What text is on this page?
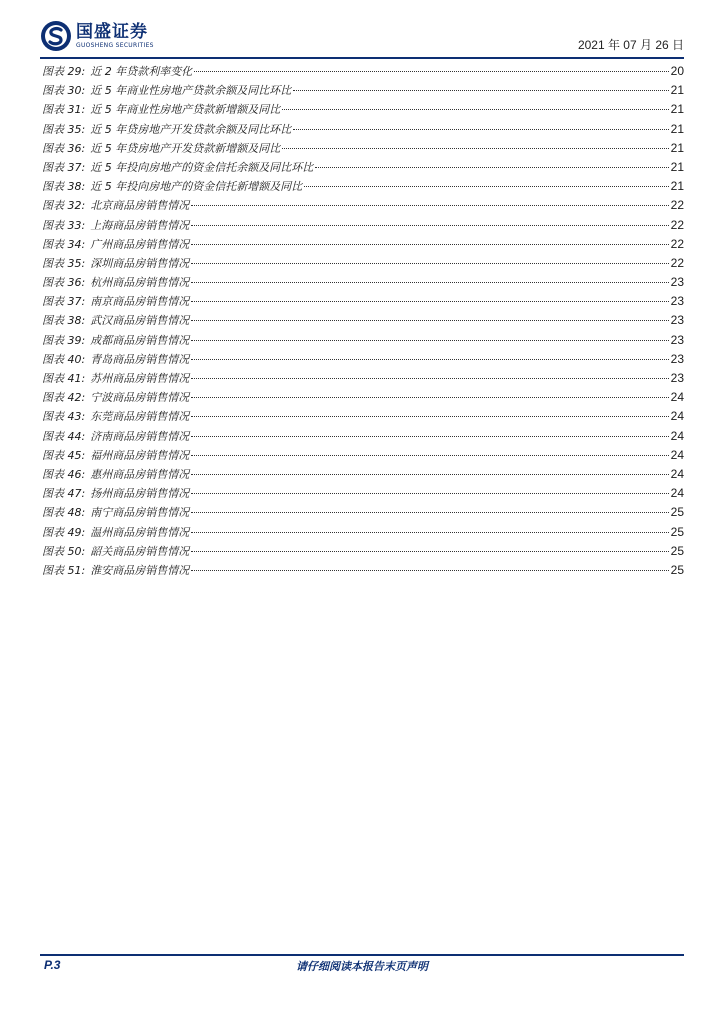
国盛证券
GUOSHENG SECURITIES	2021 年 07 月 26 日
图表 29: 近 2 年贷款利率变化	20
图表 30: 近 5 年商业性房地产贷款余额及同比环比	21
图表 31: 近 5 年商业性房地产贷款新增额及同比	21
图表 35: 近 5 年贷房地产开发贷款余额及同比环比	21
图表 36: 近 5 年贷房地产开发贷款新增额及同比	21
图表 37: 近 5 年投向房地产的资金信托余额及同比环比	21
图表 38: 近 5 年投向房地产的资金信托新增额及同比	21
图表 32: 北京商品房销售情况	22
图表 33: 上海商品房销售情况	22
图表 34: 广州商品房销售情况	22
图表 35: 深圳商品房销售情况	22
图表 36: 杭州商品房销售情况	23
图表 37: 南京商品房销售情况	23
图表 38: 武汉商品房销售情况	23
图表 39: 成都商品房销售情况	23
图表 40: 青岛商品房销售情况	23
图表 41: 苏州商品房销售情况	23
图表 42: 宁波商品房销售情况	24
图表 43: 东莞商品房销售情况	24
图表 44: 济南商品房销售情况	24
图表 45: 福州商品房销售情况	24
图表 46: 惠州商品房销售情况	24
图表 47: 扬州商品房销售情况	24
图表 48: 南宁商品房销售情况	25
图表 49: 温州商品房销售情况	25
图表 50: 韶关商品房销售情况	25
图表 51: 淮安商品房销售情况	25
P.3	请仔细阅读本报告末页声明
